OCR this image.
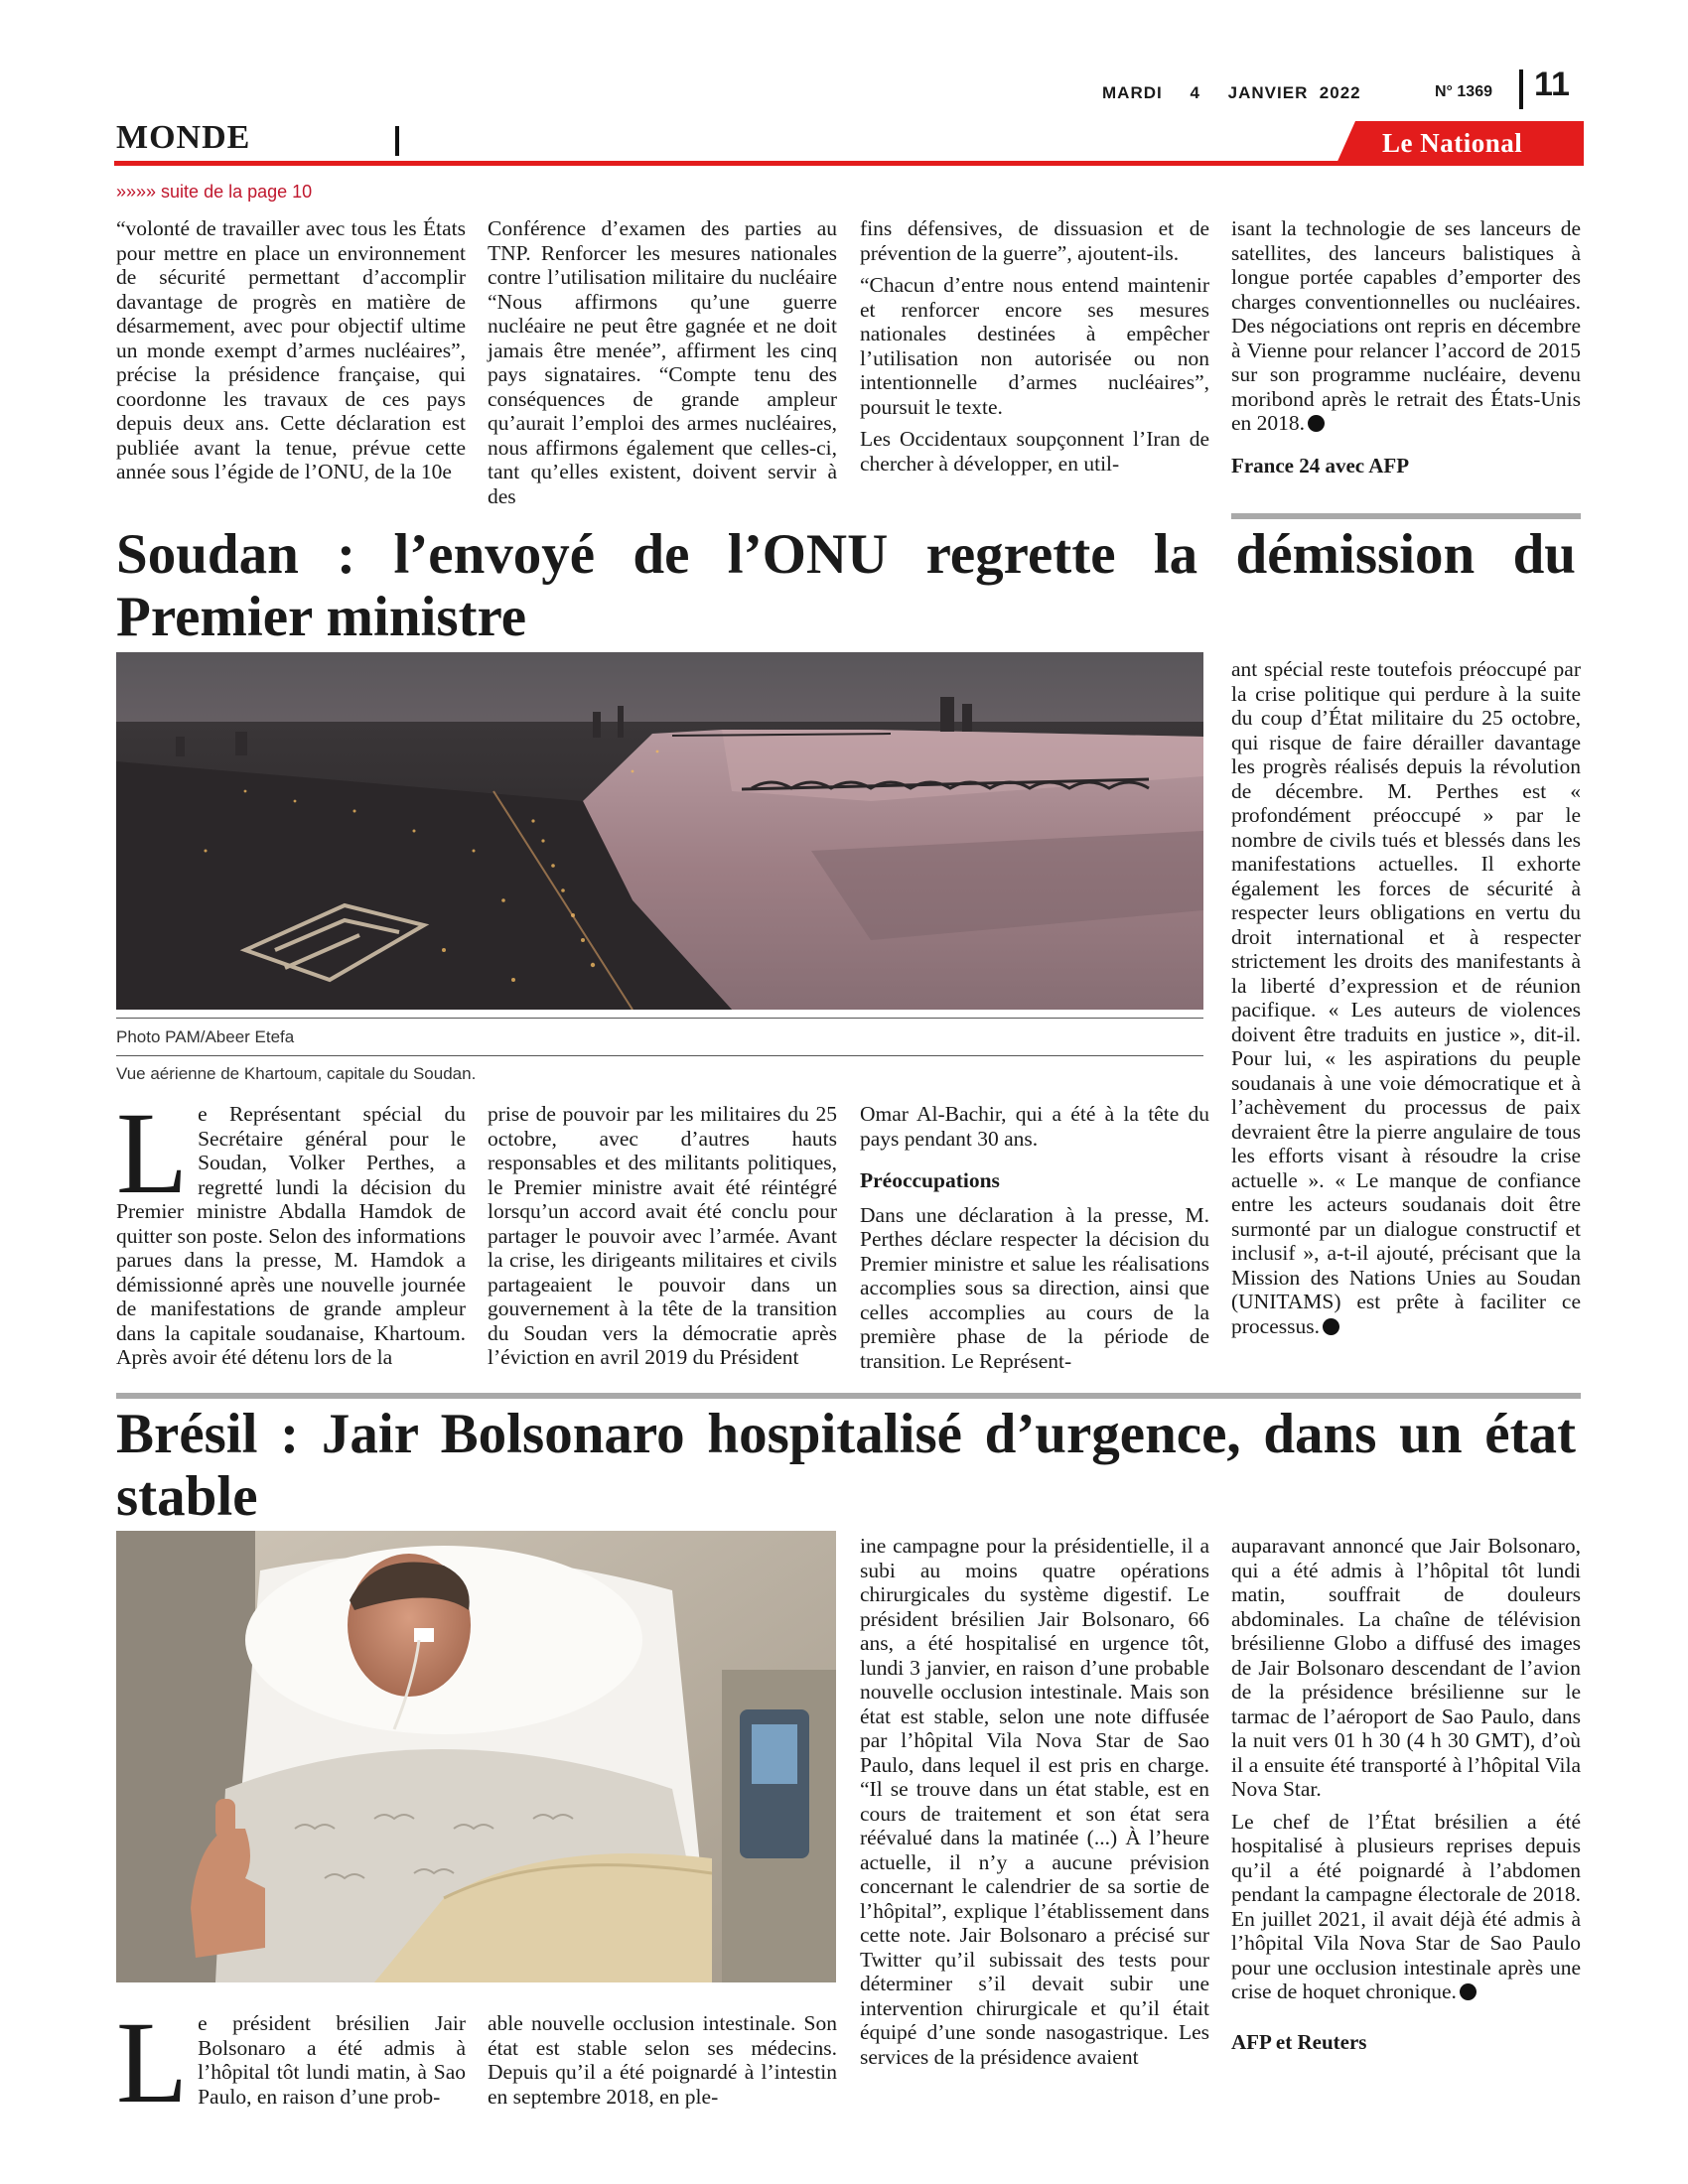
MARDI 4 JANVIER  2022	N° 1369 11
MONDE	Le National
»»»» suite de la page 10

“volonté de travailler avec tous les États pour mettre en place un environnement de sécurité permettant d’accomplir davantage de progrès en matière de désarmement, avec pour objectif ultime un monde exempt d’armes nucléaires”, précise la présidence française, qui coordonne les travaux de ces pays depuis deux ans. Cette déclaration est publiée avant la tenue, prévue cette année sous l’égide de l’ONU, de la 10e

Conférence d’examen des parties au TNP. Renforcer les mesures nationales contre l’utilisation militaire du nucléaire “Nous affirmons qu’une guerre nucléaire ne peut être gagnée et ne doit jamais être menée”, affirment les cinq pays signataires. “Compte tenu des conséquences de grande ampleur qu’aurait l’emploi des armes nucléaires, nous affirmons également que celles-ci, tant qu’elles existent, doivent servir à des

fins défensives, de dissuasion et de prévention de la guerre”, ajoutent-ils.

“Chacun d’entre nous entend maintenir et renforcer encore ses mesures nationales destinées à empêcher l’utilisation non autorisée ou non intentionnelle d’armes nucléaires”, poursuit le texte.

Les Occidentaux soupçonnent l’Iran de chercher à développer, en util-

isant la technologie de ses lanceurs de satellites, des lanceurs balistiques à longue portée capables d’emporter des charges conventionnelles ou nucléaires. Des négociations ont repris en décembre à Vienne pour relancer l’accord de 2015 sur son programme nucléaire, devenu moribond après le retrait des États-Unis en 2018.

France 24 avec AFP

Soudan : l’envoyé de l’ONU regrette la démission du Premier ministre
Photo PAM/Abeer Etefa
Vue aérienne de Khartoum, capitale du Soudan.

ant spécial reste toutefois préoccupé par la crise politique qui perdure à la suite du coup d’État militaire du 25 octobre, qui risque de faire dérailler davantage les progrès réalisés depuis la révolution de décembre. M. Perthes est « profondément préoccupé » par le nombre de civils tués et blessés dans les manifestations actuelles. Il exhorte également les forces de sécurité à respecter leurs obligations en vertu du droit international et à respecter strictement les droits des manifestants à la liberté d’expression et de réunion pacifique. « Les auteurs de violences doivent être traduits en justice », dit-il. Pour lui, « les aspirations du peuple soudanais à une voie démocratique et à l’achèvement du processus de paix devraient être la pierre angulaire de tous les efforts visant à résoudre la crise actuelle ». « Le manque de confiance entre les acteurs soudanais doit être surmonté par un dialogue constructif et inclusif », a-t-il ajouté, précisant que la Mission des Nations Unies au Soudan (UNITAMS) est prête à faciliter ce processus.

Le Représentant spécial du Secrétaire général pour le Soudan, Volker Perthes, a regretté lundi la décision du Premier ministre Abdalla Hamdok de quitter son poste. Selon des informations parues dans la presse, M. Hamdok a démissionné après une nouvelle journée de manifestations de grande ampleur dans la capitale soudanaise, Khartoum. Après avoir été détenu lors de la

prise de pouvoir par les militaires du 25 octobre, avec d’autres hauts responsables et des militants politiques, le Premier ministre avait été réintégré lorsqu’un accord avait été conclu pour partager le pouvoir avec l’armée. Avant la crise, les dirigeants militaires et civils partageaient le pouvoir dans un gouvernement à la tête de la transition du Soudan vers la démocratie après l’éviction en avril 2019 du Président

Omar Al-Bachir, qui a été à la tête du pays pendant 30 ans.

Préoccupations

Dans une déclaration à la presse, M. Perthes déclare respecter la décision du Premier ministre et salue les réalisations accomplies sous sa direction, ainsi que celles accomplies au cours de la première phase de la période de transition. Le Représent-

Brésil : Jair Bolsonaro hospitalisé d’urgence, dans un état stable

ine campagne pour la présidentielle, il a subi au moins quatre opérations chirurgicales du système digestif. Le président brésilien Jair Bolsonaro, 66 ans, a été hospitalisé en urgence tôt, lundi 3 janvier, en raison d’une probable nouvelle occlusion intestinale. Mais son état est stable, selon une note diffusée par l’hôpital Vila Nova Star de Sao Paulo, dans lequel il est pris en charge. “Il se trouve dans un état stable, est en cours de traitement et son état sera réévalué dans la matinée (...) À l’heure actuelle, il n’y a aucune prévision concernant le calendrier de sa sortie de l’hôpital”, explique l’établissement dans cette note. Jair Bolsonaro a précisé sur Twitter qu’il subissait des tests pour déterminer s’il devait subir une intervention chirurgicale et qu’il était équipé d’une sonde nasogastrique. Les services de la présidence avaient

auparavant annoncé que Jair Bolsonaro, qui a été admis à l’hôpital tôt lundi matin, souffrait de douleurs abdominales. La chaîne de télévision brésilienne Globo a diffusé des images de Jair Bolsonaro descendant de l’avion de la présidence brésilienne sur le tarmac de l’aéroport de Sao Paulo, dans la nuit vers 01 h 30 (4 h 30 GMT), d’où il a ensuite été transporté à l’hôpital Vila Nova Star.

Le chef de l’État brésilien a été hospitalisé à plusieurs reprises depuis qu’il a été poignardé à l’abdomen pendant la campagne électorale de 2018. En juillet 2021, il avait déjà été admis à l’hôpital Vila Nova Star de Sao Paulo pour une occlusion intestinale après une crise de hoquet chronique.

AFP et Reuters

Le président brésilien Jair Bolsonaro a été admis à l’hôpital tôt lundi matin, à Sao Paulo, en raison d’une prob-

able nouvelle occlusion intestinale. Son état est stable selon ses médecins. Depuis qu’il a été poignardé à l’intestin en septembre 2018, en ple-
